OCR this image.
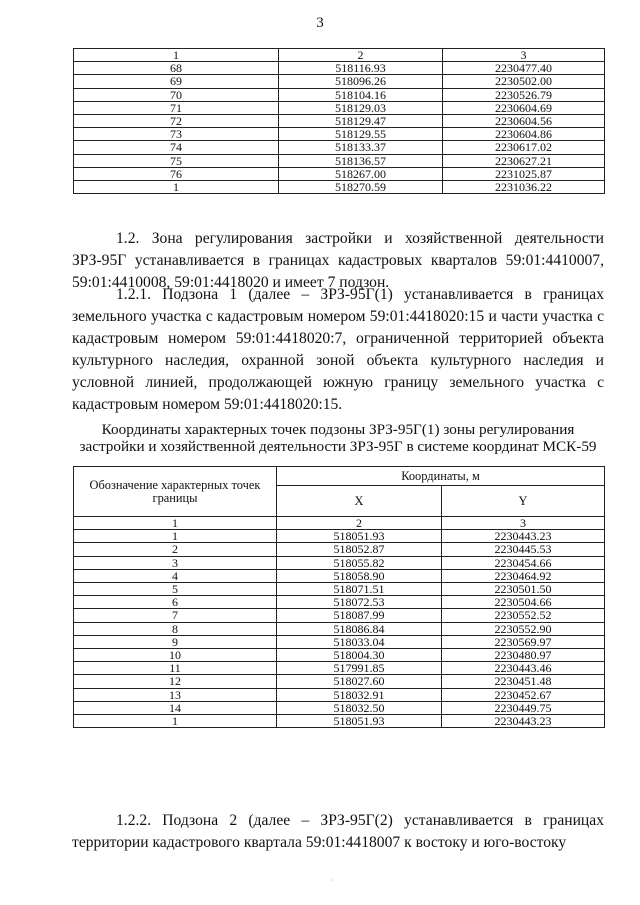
3
1	2	3
68	518116.93	2230477.40
69	518096.26	2230502.00
70	518104.16	2230526.79
71	518129.03	2230604.69
72	518129.47	2230604.56
73	518129.55	2230604.86
74	518133.37	2230617.02
75	518136.57	2230627.21
76	518267.00	2231025.87
1	518270.59	2231036.22

1.2. Зона регулирования застройки и хозяйственной деятельности ЗРЗ-95Г устанавливается в границах кадастровых кварталов 59:01:4410007, 59:01:4410008, 59:01:4418020 и имеет 7 подзон.

1.2.1. Подзона 1 (далее – ЗРЗ-95Г(1) устанавливается в границах земельного участка с кадастровым номером 59:01:4418020:15 и части участка с кадастровым номером 59:01:4418020:7, ограниченной территорией объекта культурного наследия, охранной зоной объекта культурного наследия и условной линией, продолжающей южную границу земельного участка с кадастровым номером 59:01:4418020:15.

Координаты характерных точек подзоны ЗРЗ-95Г(1) зоны регулирования застройки и хозяйственной деятельности ЗРЗ-95Г в системе координат МСК-59

Обозначение характерных точек границы	Координаты, м	
	X	Y
1	2	3
1	518051.93	2230443.23
2	518052.87	2230445.53
3	518055.82	2230454.66
4	518058.90	2230464.92
5	518071.51	2230501.50
6	518072.53	2230504.66
7	518087.99	2230552.52
8	518086.84	2230552.90
9	518033.04	2230569.97
10	518004.30	2230480.97
11	517991.85	2230443.46
12	518027.60	2230451.48
13	518032.91	2230452.67
14	518032.50	2230449.75
1	518051.93	2230443.23

1.2.2. Подзона 2 (далее – ЗРЗ-95Г(2) устанавливается в границах территории кадастрового квартала 59:01:4418007 к востоку и юго-востоку

·
